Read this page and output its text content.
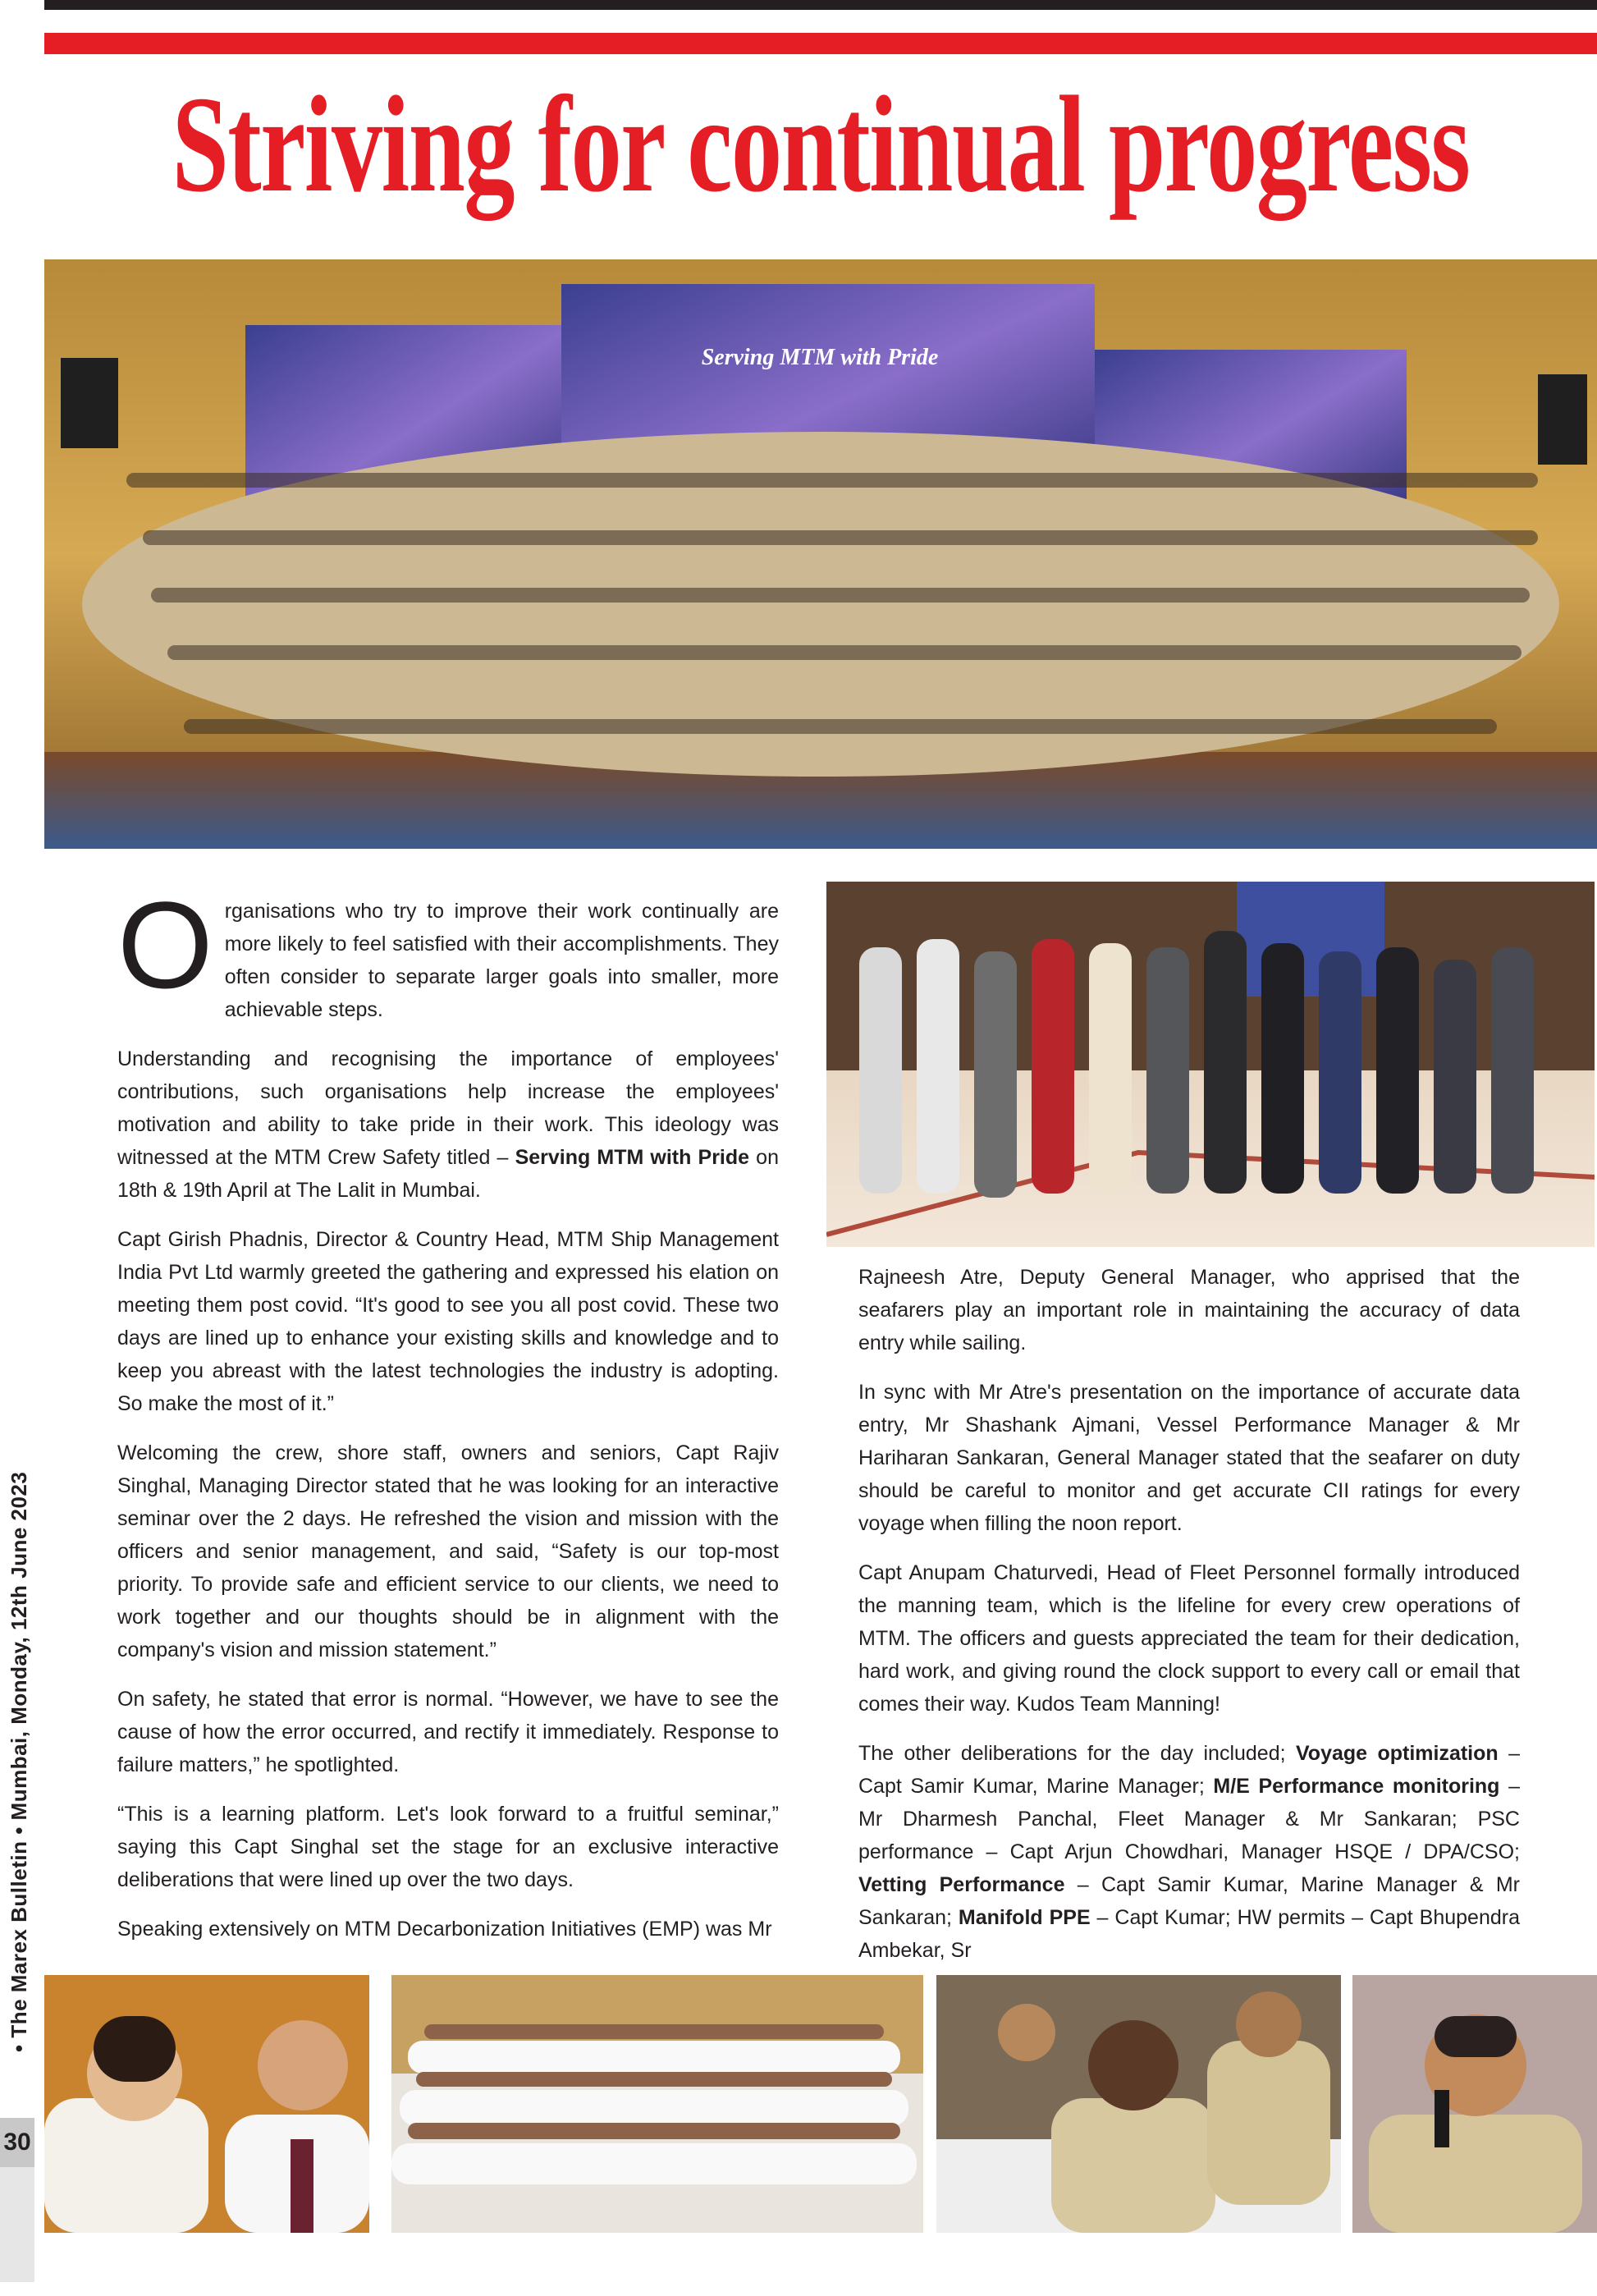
Striving for continual progress
Serving MTM with Pride

Organisations who try to improve their work continually are more likely to feel satisfied with their accomplishments. They often consider to separate larger goals into smaller, more achievable steps.

Understanding and recognising the importance of employees' contributions, such organisations help increase the employees' motivation and ability to take pride in their work. This ideology was witnessed at the MTM Crew Safety titled – Serving MTM with Pride on 18th & 19th April at The Lalit in Mumbai.

Capt Girish Phadnis, Director & Country Head, MTM Ship Management India Pvt Ltd warmly greeted the gathering and expressed his elation on meeting them post covid. “It's good to see you all post covid. These two days are lined up to enhance your existing skills and knowledge and to keep you abreast with the latest technologies the industry is adopting. So make the most of it.”

Welcoming the crew, shore staff, owners and seniors, Capt Rajiv Singhal, Managing Director stated that he was looking for an interactive seminar over the 2 days. He refreshed the vision and mission with the officers and senior management, and said, “Safety is our top-most priority. To provide safe and efficient service to our clients, we need to work together and our thoughts should be in alignment with the company's vision and mission statement.”

On safety, he stated that error is normal. “However, we have to see the cause of how the error occurred, and rectify it immediately. Response to failure matters,” he spotlighted.

“This is a learning platform. Let's look forward to a fruitful seminar,” saying this Capt Singhal set the stage for an exclusive interactive deliberations that were lined up over the two days.

Speaking extensively on MTM Decarbonization Initiatives (EMP) was Mr

Rajneesh Atre, Deputy General Manager, who apprised that the seafarers play an important role in maintaining the accuracy of data entry while sailing.

In sync with Mr Atre's presentation on the importance of accurate data entry, Mr Shashank Ajmani, Vessel Performance Manager & Mr Hariharan Sankaran, General Manager stated that the seafarer on duty should be careful to monitor and get accurate CII ratings for every voyage when filling the noon report.

Capt Anupam Chaturvedi, Head of Fleet Personnel formally introduced the manning team, which is the lifeline for every crew operations of MTM. The officers and guests appreciated the team for their dedication, hard work, and giving round the clock support to every call or email that comes their way. Kudos Team Manning!

The other deliberations for the day included; Voyage optimization – Capt Samir Kumar, Marine Manager; M/E Performance monitoring – Mr Dharmesh Panchal, Fleet Manager & Mr Sankaran; PSC performance – Capt Arjun Chowdhari, Manager HSQE / DPA/CSO; Vetting Performance – Capt Samir Kumar, Marine Manager & Mr Sankaran; Manifold PPE – Capt Kumar; HW permits – Capt Bhupendra Ambekar, Sr

• The Marex Bulletin • Mumbai, Monday, 12th June 2023
30
